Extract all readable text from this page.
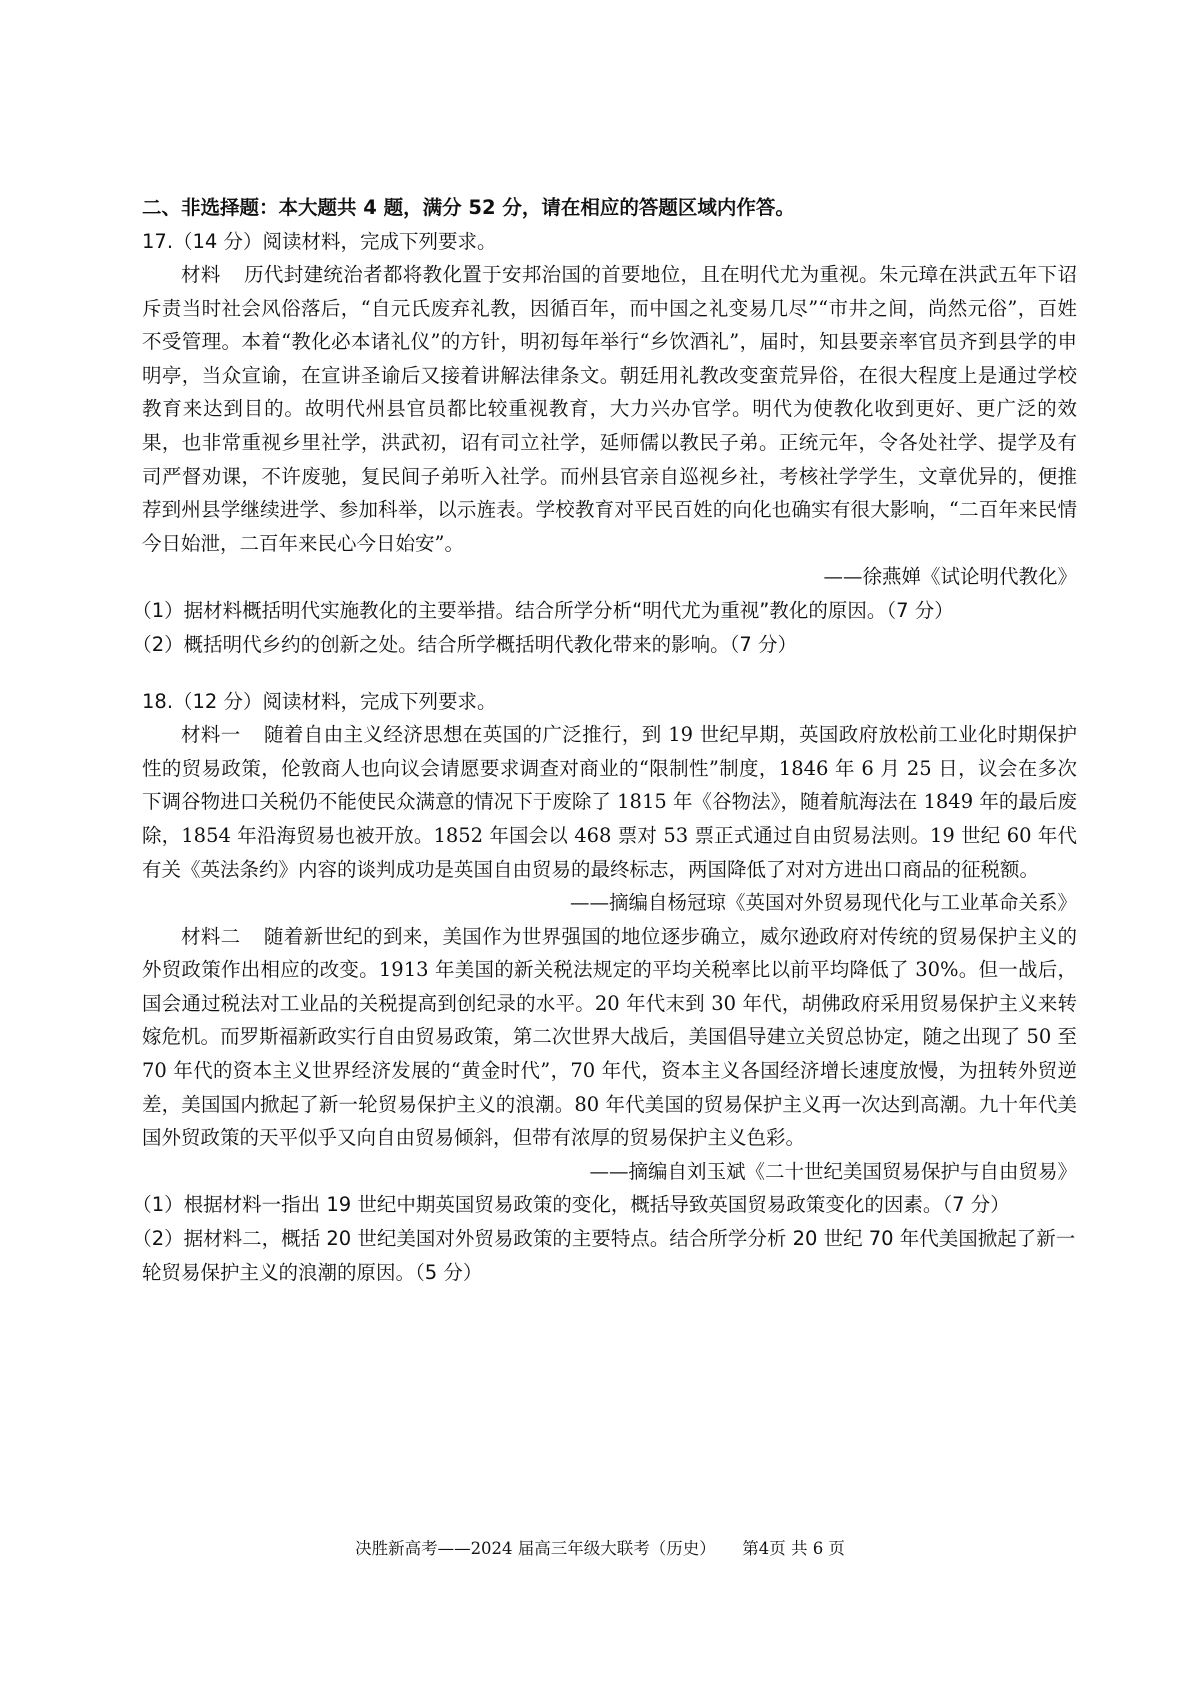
二、非选择题：本大题共 4 题，满分 52 分，请在相应的答题区域内作答。

17.（14 分）阅读材料，完成下列要求。

材料 历代封建统治者都将教化置于安邦治国的首要地位，且在明代尤为重视。朱元璋在洪武五年下诏斥责当时社会风俗落后，“自元氏废弃礼教，因循百年，而中国之礼变易几尽”“市井之间，尚然元俗”，百姓不受管理。本着“教化必本诸礼仪”的方针，明初每年举行“乡饮酒礼”，届时，知县要亲率官员齐到县学的申明亭，当众宣谕，在宣讲圣谕后又接着讲解法律条文。朝廷用礼教改变蛮荒异俗，在很大程度上是通过学校教育来达到目的。故明代州县官员都比较重视教育，大力兴办官学。明代为使教化收到更好、更广泛的效果，也非常重视乡里社学，洪武初，诏有司立社学，延师儒以教民子弟。正统元年，令各处社学、提学及有司严督劝课，不许废驰，复民间子弟听入社学。而州县官亲自巡视乡社，考核社学学生，文章优异的，便推荐到州县学继续进学、参加科举，以示旌表。学校教育对平民百姓的向化也确实有很大影响，“二百年来民情今日始泄，二百年来民心今日始安”。

——徐燕婵《试论明代教化》

（1）据材料概括明代实施教化的主要举措。结合所学分析“明代尤为重视”教化的原因。（7 分）

（2）概括明代乡约的创新之处。结合所学概括明代教化带来的影响。（7 分）

18.（12 分）阅读材料，完成下列要求。

材料一 随着自由主义经济思想在英国的广泛推行，到 19 世纪早期，英国政府放松前工业化时期保护性的贸易政策，伦敦商人也向议会请愿要求调查对商业的“限制性”制度，1846 年 6 月 25 日，议会在多次下调谷物进口关税仍不能使民众满意的情况下于废除了 1815 年《谷物法》，随着航海法在 1849 年的最后废除，1854 年沿海贸易也被开放。1852 年国会以 468 票对 53 票正式通过自由贸易法则。19 世纪 60 年代有关《英法条约》内容的谈判成功是英国自由贸易的最终标志，两国降低了对对方进出口商品的征税额。

——摘编自杨冠琼《英国对外贸易现代化与工业革命关系》

材料二 随着新世纪的到来，美国作为世界强国的地位逐步确立，威尔逊政府对传统的贸易保护主义的外贸政策作出相应的改变。1913 年美国的新关税法规定的平均关税率比以前平均降低了 30%。但一战后，国会通过税法对工业品的关税提高到创纪录的水平。20 年代末到 30 年代，胡佛政府采用贸易保护主义来转嫁危机。而罗斯福新政实行自由贸易政策，第二次世界大战后，美国倡导建立关贸总协定，随之出现了 50 至 70 年代的资本主义世界经济发展的“黄金时代”，70 年代，资本主义各国经济增长速度放慢，为扭转外贸逆差，美国国内掀起了新一轮贸易保护主义的浪潮。80 年代美国的贸易保护主义再一次达到高潮。九十年代美国外贸政策的天平似乎又向自由贸易倾斜，但带有浓厚的贸易保护主义色彩。

——摘编自刘玉斌《二十世纪美国贸易保护与自由贸易》

（1）根据材料一指出 19 世纪中期英国贸易政策的变化，概括导致英国贸易政策变化的因素。（7 分）

（2）据材料二，概括 20 世纪美国对外贸易政策的主要特点。结合所学分析 20 世纪 70 年代美国掀起了新一轮贸易保护主义的浪潮的原因。（5 分）

决胜新高考——2024 届高三年级大联考（历史） 第4页 共 6 页
